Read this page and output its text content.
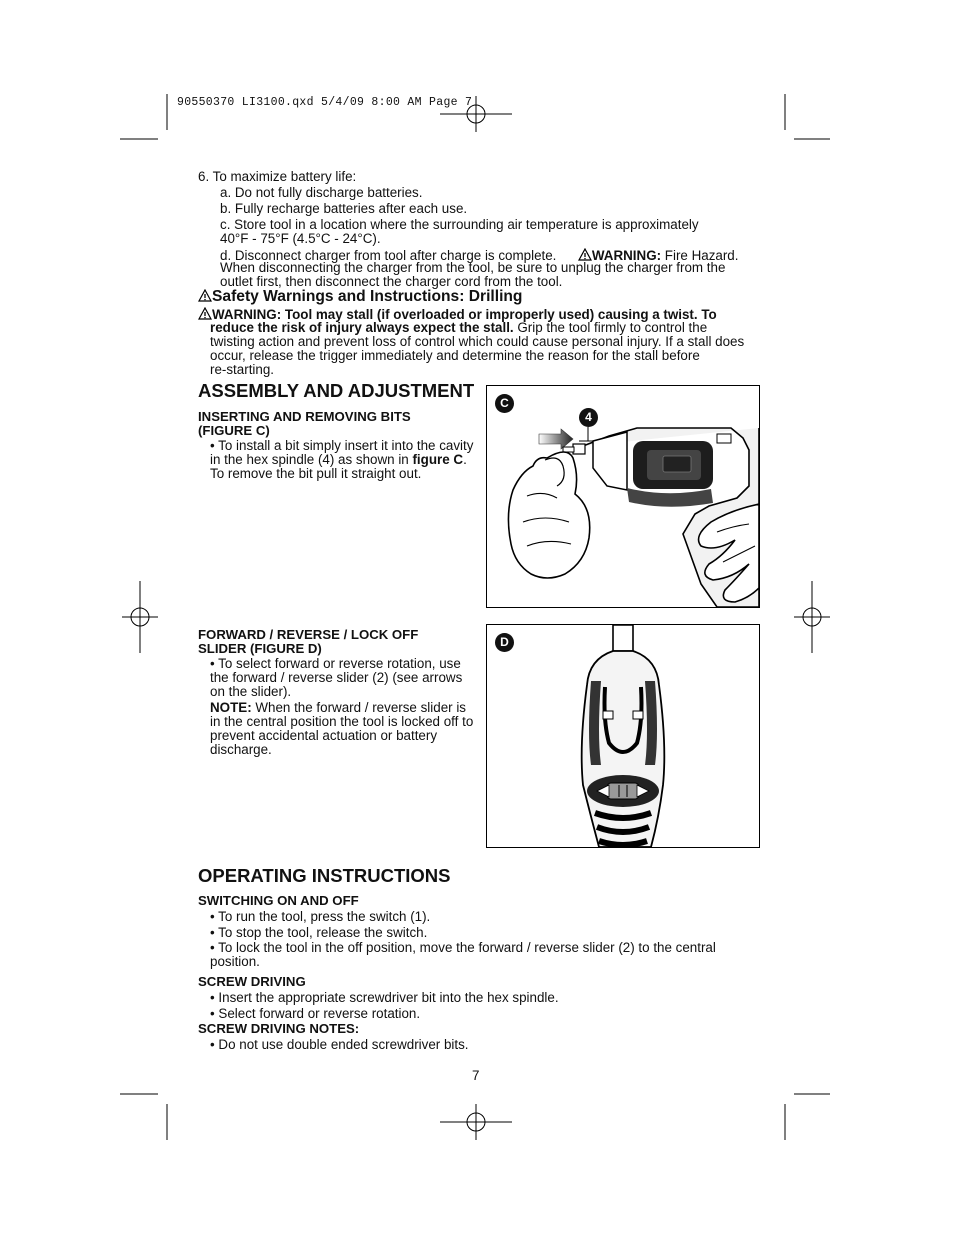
90550370 LI3100.qxd 5/4/09 8:00 AM Page 7
6. To maximize battery life:
a. Do not fully discharge batteries.
b. Fully recharge batteries after each use.
c. Store tool in a location where the surrounding air temperature is approximately
40°F - 75°F (4.5°C - 24°C).
d. Disconnect charger from tool after charge is complete.	WARNING: Fire Hazard.
When disconnecting the charger from the tool, be sure to unplug the charger from the
outlet first, then disconnect the charger cord from the tool.
Safety Warnings and Instructions: Drilling
WARNING: Tool may stall (if overloaded or improperly used) causing a twist. To
reduce the risk of injury always expect the stall. Grip the tool firmly to control the
twisting action and prevent loss of control which could cause personal injury. If a stall does
occur, release the trigger immediately and determine the reason for the stall before
re-starting.
ASSEMBLY AND ADJUSTMENT
INSERTING AND REMOVING BITS
(FIGURE C)
• To install a bit simply insert it into the cavity
in the hex spindle (4) as shown in figure C.
To remove the bit pull it straight out.
C
4
FORWARD / REVERSE / LOCK OFF
SLIDER (FIGURE D)
• To select forward or reverse rotation, use
the forward / reverse slider (2) (see arrows
on the slider).
NOTE: When the forward / reverse slider is
in the central position the tool is locked off to
prevent accidental actuation or battery
discharge.
D
OPERATING INSTRUCTIONS
SWITCHING ON AND OFF
• To run the tool, press the switch (1).
• To stop the tool, release the switch.
• To lock the tool in the off position, move the forward / reverse slider (2) to the central
position.
SCREW DRIVING
• Insert the appropriate screwdriver bit into the hex spindle.
• Select forward or reverse rotation.
SCREW DRIVING NOTES:
• Do not use double ended screwdriver bits.
7
